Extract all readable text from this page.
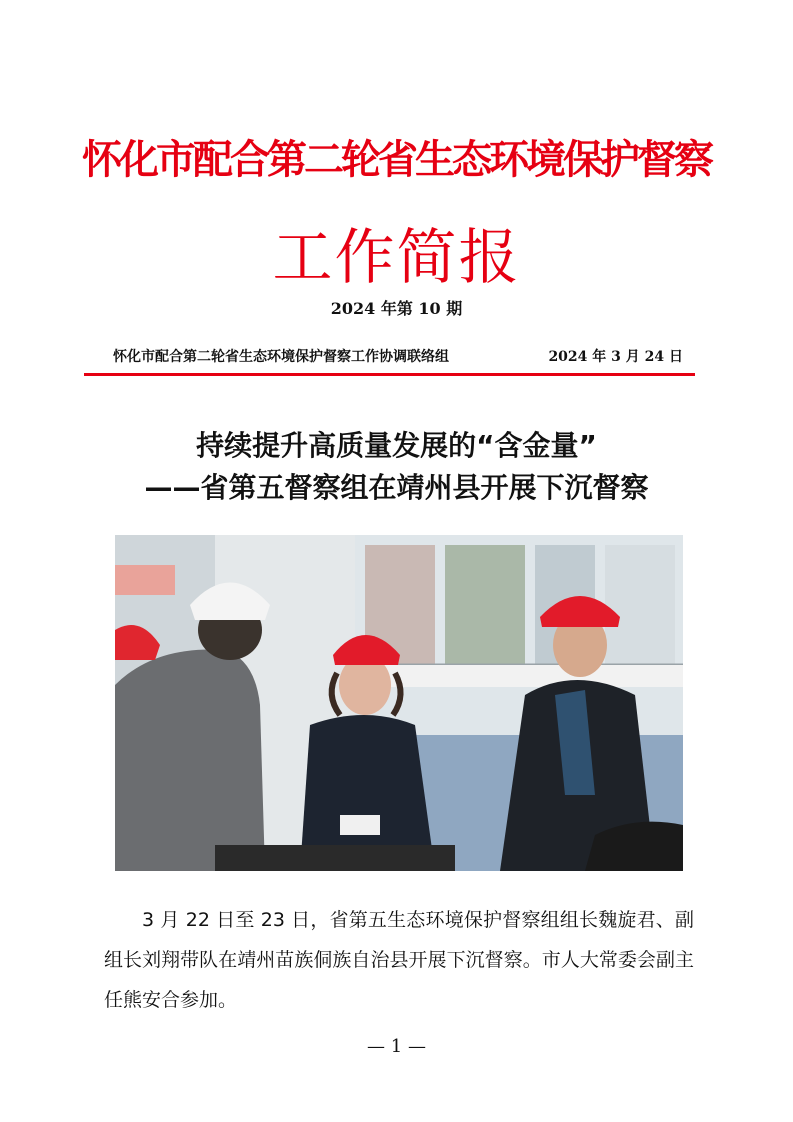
怀化市配合第二轮省生态环境保护督察
工作简报
2024 年第 10 期
怀化市配合第二轮省生态环境保护督察工作协调联络组	2024 年 3 月 24 日
持续提升高质量发展的“含金量”
——省第五督察组在靖州县开展下沉督察
3 月 22 日至 23 日，省第五生态环境保护督察组组长魏旋君、副组长刘翔带队在靖州苗族侗族自治县开展下沉督察。市人大常委会副主任熊安合参加。
— 1 —
